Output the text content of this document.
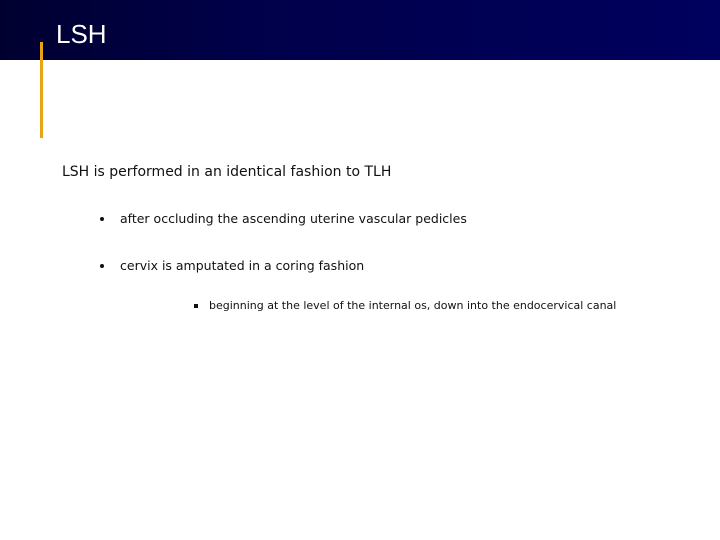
LSH

LSH is performed in an identical fashion to TLH

after occluding the ascending uterine vascular pedicles
cervix is amputated in a coring fashion
beginning at the level of the internal os, down into the endocervical canal
